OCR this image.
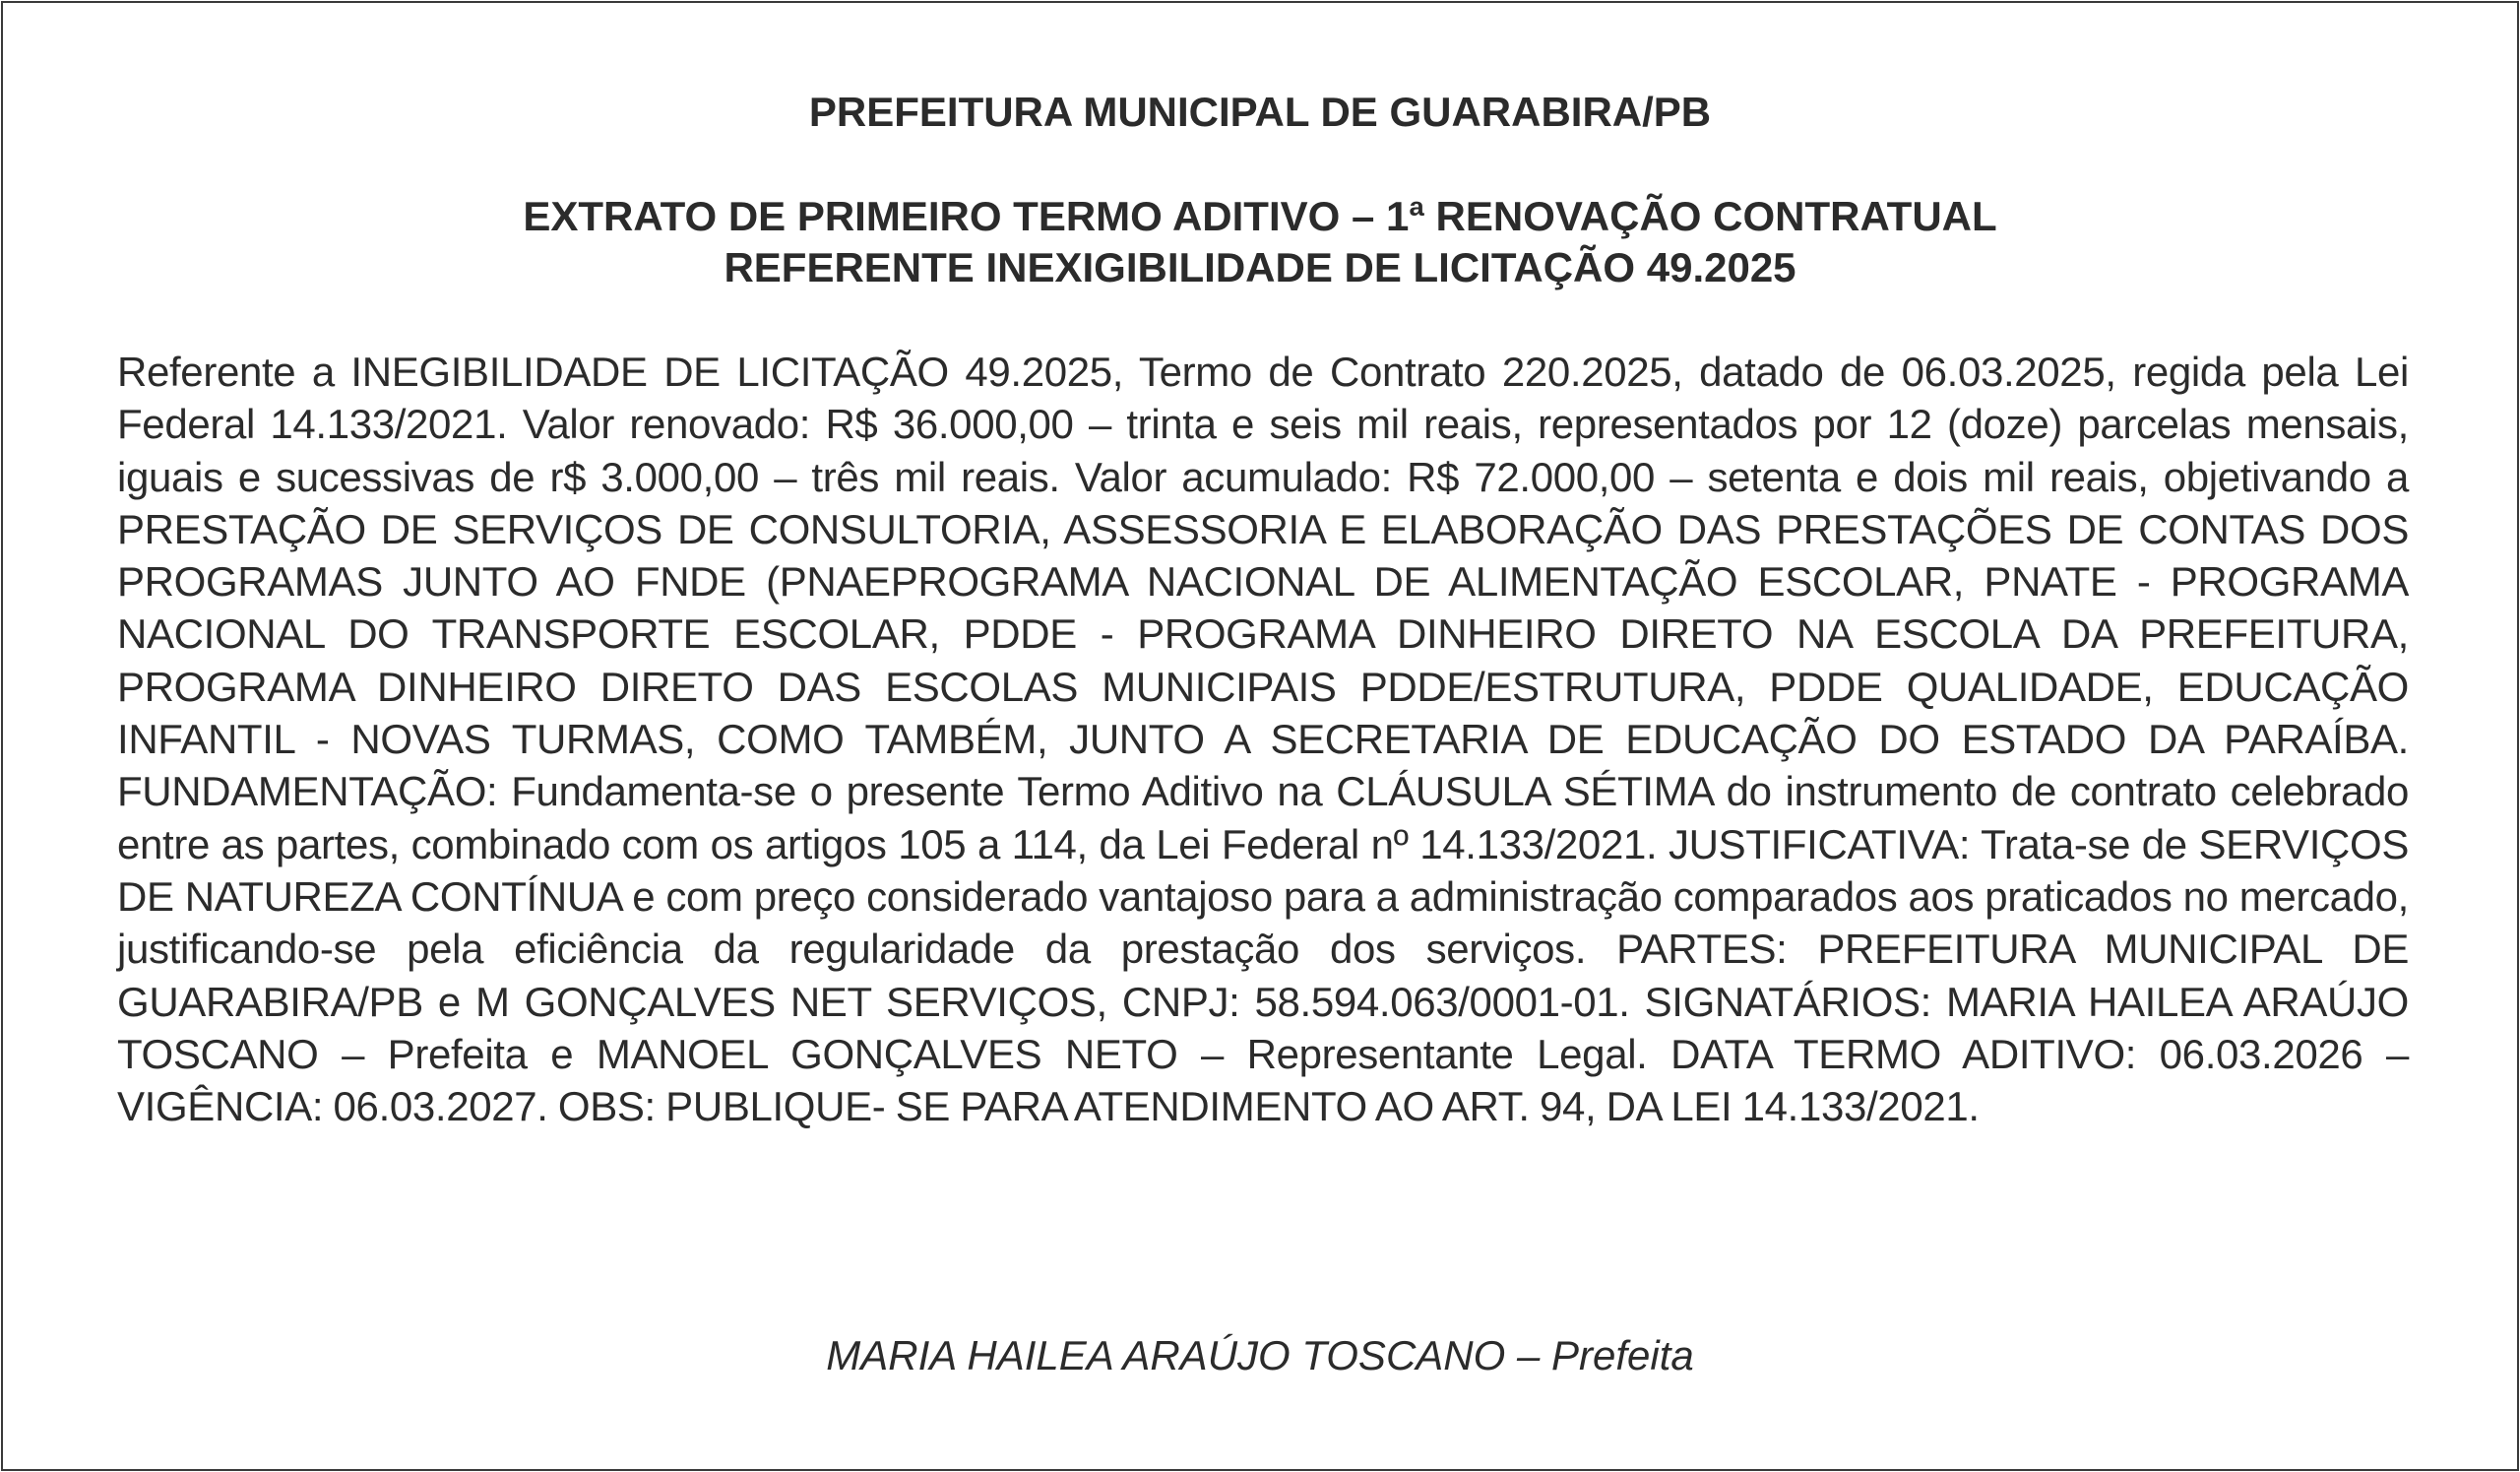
PREFEITURA MUNICIPAL DE GUARABIRA/PB
EXTRATO DE PRIMEIRO TERMO ADITIVO – 1ª RENOVAÇÃO CONTRATUAL
REFERENTE INEXIGIBILIDADE DE LICITAÇÃO 49.2025

Referente a INEGIBILIDADE DE LICITAÇÃO 49.2025, Termo de Contrato 220.2025, datado de 06.03.2025, regida pela Lei Federal 14.133/2021. Valor renovado: R$ 36.000,00 – trinta e seis mil reais, representados por 12 (doze) parcelas mensais, iguais e sucessivas de r$ 3.000,00 – três mil reais. Valor acumulado: R$ 72.000,00 – setenta e dois mil reais, objetivando a PRESTAÇÃO DE SERVIÇOS DE CONSULTORIA, ASSESSORIA E ELABORAÇÃO DAS PRESTAÇÕES DE CONTAS DOS PROGRAMAS JUNTO AO FNDE (PNAEPROGRAMA NACIONAL DE ALIMENTAÇÃO ESCOLAR, PNATE - PROGRAMA NACIONAL DO TRANSPORTE ESCOLAR, PDDE - PROGRAMA DINHEIRO DIRETO NA ESCOLA DA PREFEITURA, PROGRAMA DINHEIRO DIRETO DAS ESCOLAS MUNICIPAIS PDDE/ESTRUTURA, PDDE QUALIDADE, EDUCAÇÃO INFANTIL - NOVAS TURMAS, COMO TAMBÉM, JUNTO A SECRETARIA DE EDUCAÇÃO DO ESTADO DA PARAÍBA. FUNDAMENTAÇÃO: Fundamenta-se o presente Termo Aditivo na CLÁUSULA SÉTIMA do instrumento de contrato celebrado entre as partes, combinado com os artigos 105 a 114, da Lei Federal nº 14.133/2021. JUSTIFICATIVA: Trata-se de SERVIÇOS DE NATUREZA CONTÍNUA e com preço considerado vantajoso para a administração comparados aos praticados no mercado, justificando-se pela eficiência da regularidade da prestação dos serviços. PARTES: PREFEITURA MUNICIPAL DE GUARABIRA/PB e M GONÇALVES NET SERVIÇOS, CNPJ: 58.594.063/0001-01. SIGNATÁRIOS: MARIA HAILEA ARAÚJO TOSCANO – Prefeita e MANOEL GONÇALVES NETO – Representante Legal. DATA TERMO ADITIVO: 06.03.2026 – VIGÊNCIA: 06.03.2027. OBS: PUBLIQUE- SE PARA ATENDIMENTO AO ART. 94, DA LEI 14.133/2021.

MARIA HAILEA ARAÚJO TOSCANO – Prefeita
